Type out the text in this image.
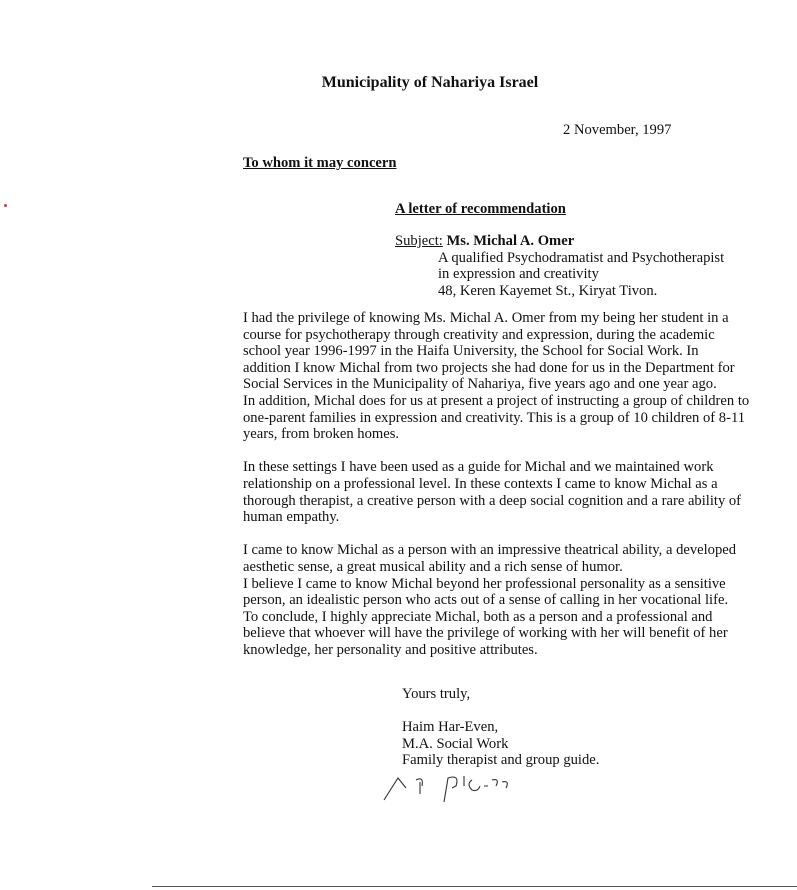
Municipality of Nahariya Israel
2 November, 1997
To whom it may concern
A letter of recommendation
Subject: Ms. Michal A. Omer
A qualified Psychodramatist and Psychotherapist
in expression and creativity
48, Keren Kayemet St., Kiryat Tivon.
I had the privilege of knowing Ms. Michal A. Omer from my being her student in a
course for psychotherapy through creativity and expression, during the academic
school year 1996-1997 in the Haifa University, the School for Social Work. In
addition I know Michal from two projects she had done for us in the Department for
Social Services in the Municipality of Nahariya, five years ago and one year ago.
In addition, Michal does for us at present a project of instructing a group of children to
one-parent families in expression and creativity. This is a group of 10 children of 8-11
years, from broken homes.
In these settings I have been used as a guide for Michal and we maintained work
relationship on a professional level. In these contexts I came to know Michal as a
thorough therapist, a creative person with a deep social cognition and a rare ability of
human empathy.
I came to know Michal as a person with an impressive theatrical ability, a developed
aesthetic sense, a great musical ability and a rich sense of humor.
I believe I came to know Michal beyond her professional personality as a sensitive
person, an idealistic person who acts out of a sense of calling in her vocational life.
To conclude, I highly appreciate Michal, both as a person and a professional and
believe that whoever will have the privilege of working with her will benefit of her
knowledge, her personality and positive attributes.
Yours truly,
Haim Har-Even,
M.A. Social Work
Family therapist and group guide.
